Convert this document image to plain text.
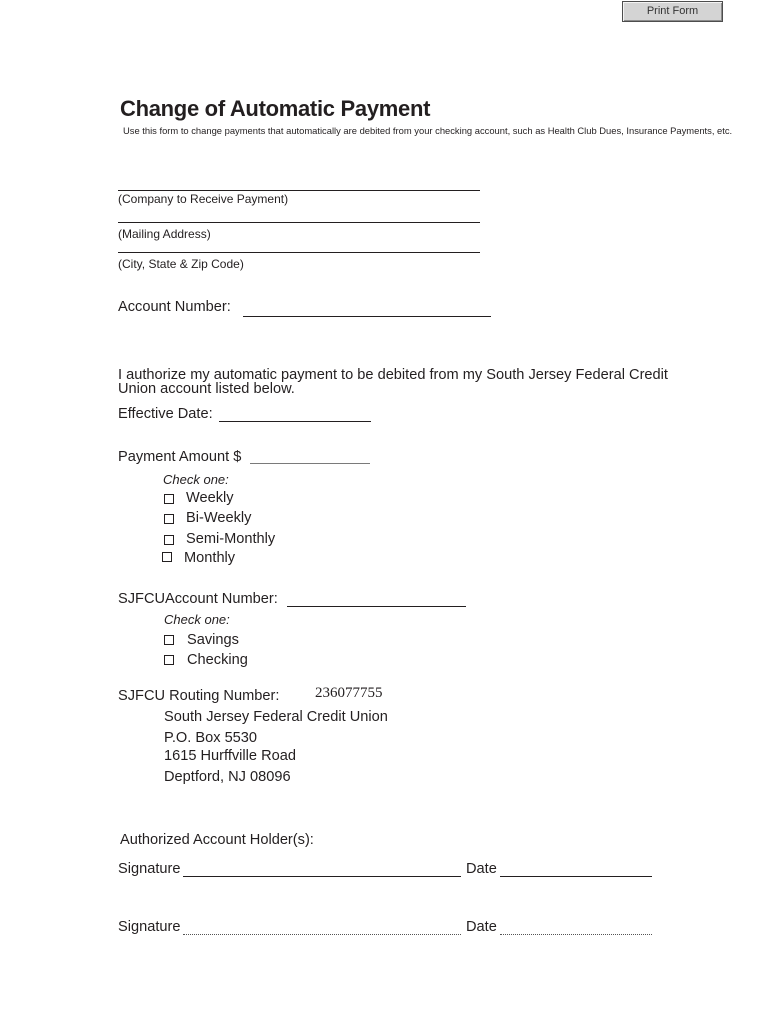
Print Form
Change of Automatic Payment
Use this form to change payments that automatically are debited from your checking account, such as Health Club Dues, Insurance Payments, etc.
(Company to Receive Payment)
(Mailing Address)
(City, State & Zip Code)
Account Number:
I authorize my automatic payment to be debited from my South Jersey Federal Credit
Union account listed below.
Effective Date:
Payment Amount $
Check one:
Weekly
Bi-Weekly
Semi-Monthly
Monthly
SJFCUAccount Number:
Check one:
Savings
Checking
SJFCU Routing Number: 236077755
South Jersey Federal Credit Union
P.O. Box 5530
1615 Hurffville Road
Deptford, NJ 08096
Authorized Account Holder(s):
Signature	Date
Signature	Date
